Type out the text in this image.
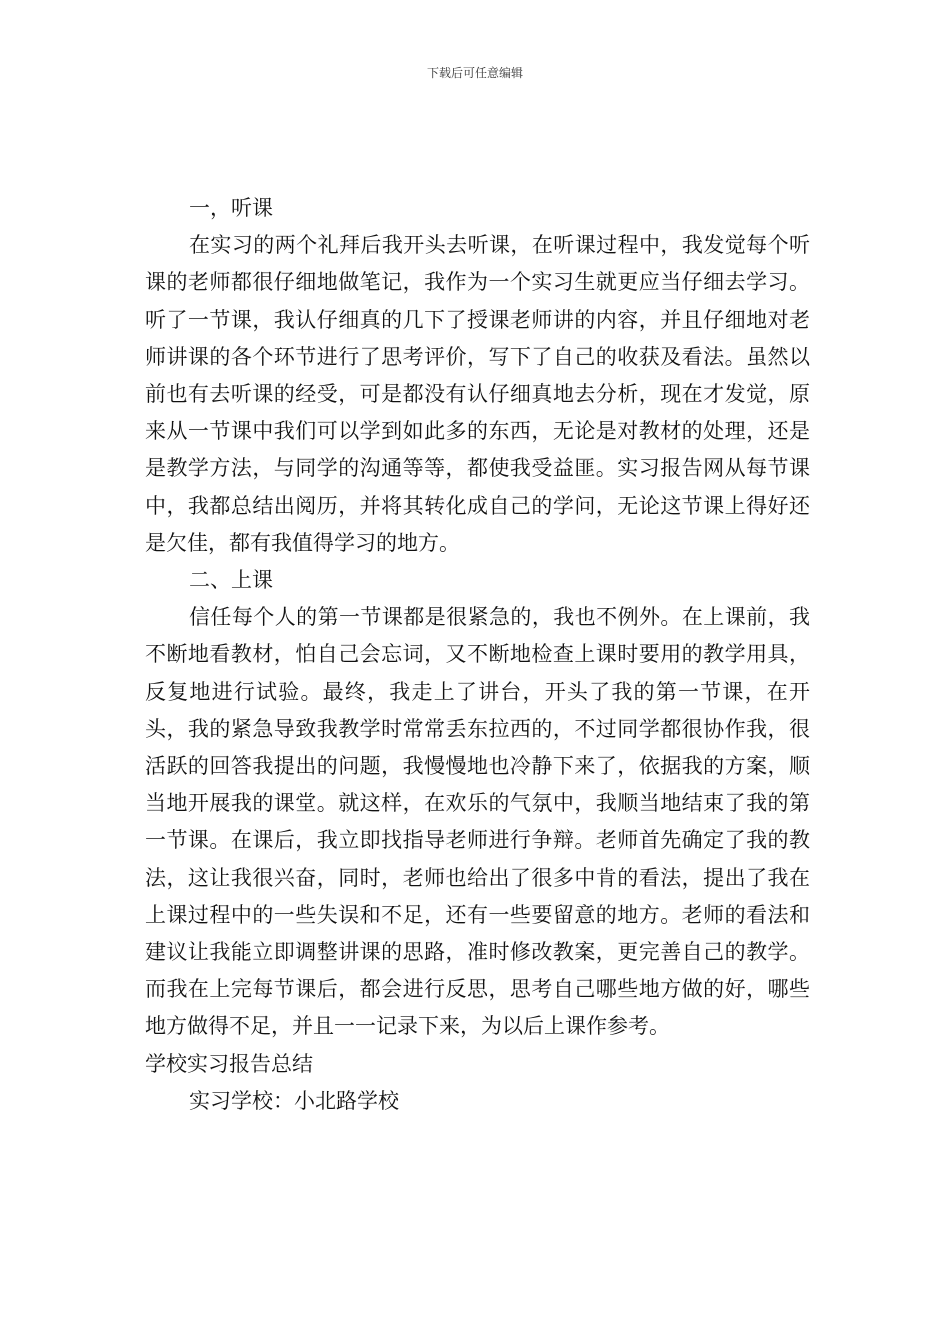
下载后可任意编辑
一，听课
在实习的两个礼拜后我开头去听课，在听课过程中，我发觉每个听课的老师都很仔细地做笔记，我作为一个实习生就更应当仔细去学习。听了一节课，我认仔细真的几下了授课老师讲的内容，并且仔细地对老师讲课的各个环节进行了思考评价，写下了自己的收获及看法。虽然以前也有去听课的经受，可是都没有认仔细真地去分析，现在才发觉，原来从一节课中我们可以学到如此多的东西，无论是对教材的处理，还是是教学方法，与同学的沟通等等，都使我受益匪。实习报告网从每节课中，我都总结出阅历，并将其转化成自己的学问，无论这节课上得好还是欠佳，都有我值得学习的地方。
二、上课
信任每个人的第一节课都是很紧急的，我也不例外。在上课前，我不断地看教材，怕自己会忘词，又不断地检查上课时要用的教学用具，反复地进行试验。最终，我走上了讲台，开头了我的第一节课，在开头，我的紧急导致我教学时常常丢东拉西的，不过同学都很协作我，很活跃的回答我提出的问题，我慢慢地也冷静下来了，依据我的方案，顺当地开展我的课堂。就这样，在欢乐的气氛中，我顺当地结束了我的第一节课。在课后，我立即找指导老师进行争辩。老师首先确定了我的教法，这让我很兴奋，同时，老师也给出了很多中肯的看法，提出了我在上课过程中的一些失误和不足，还有一些要留意的地方。老师的看法和建议让我能立即调整讲课的思路，准时修改教案，更完善自己的教学。而我在上完每节课后，都会进行反思，思考自己哪些地方做的好，哪些地方做得不足，并且一一记录下来，为以后上课作参考。
学校实习报告总结
实习学校：小北路学校
